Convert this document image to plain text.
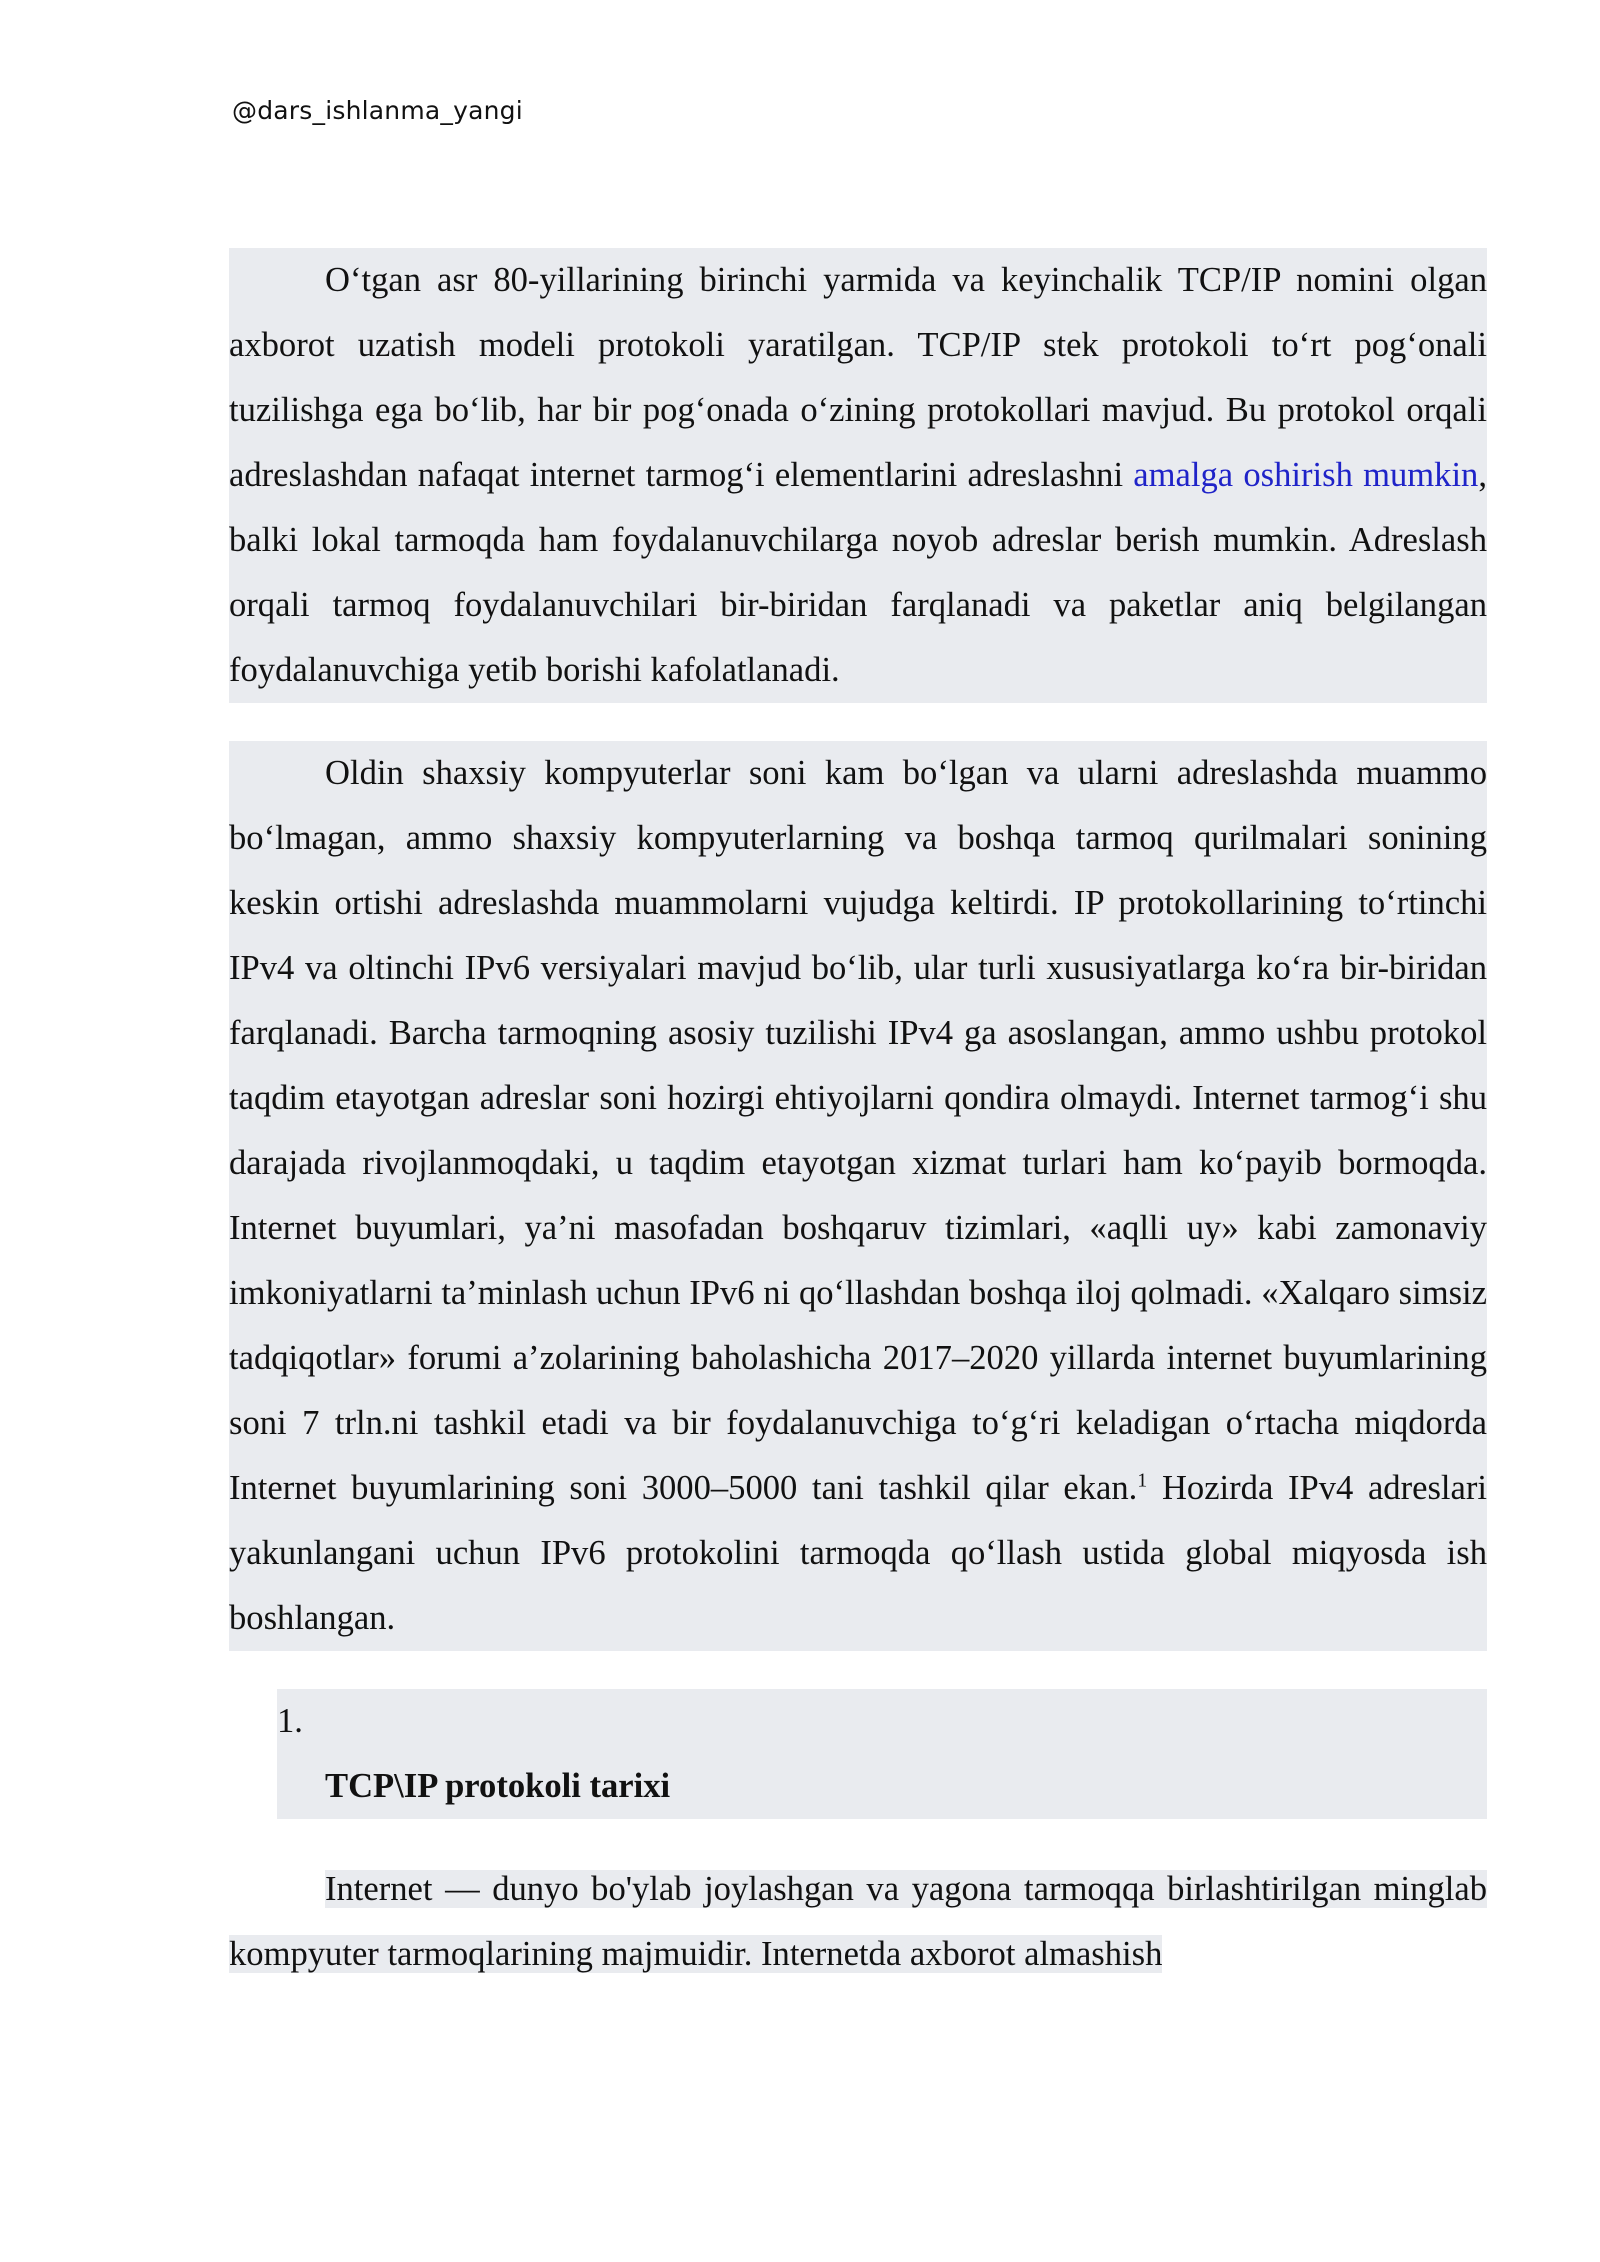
@dars_ishlanma_yangi

O‘tgan asr 80-yillarining birinchi yarmida va keyinchalik TCP/IP nomini olgan axborot uzatish modeli protokoli yaratilgan. TCP/IP stek protokoli to‘rt pog‘onali tuzilishga ega bo‘lib, har bir pog‘onada o‘zining protokollari mavjud. Bu protokol orqali adreslashdan nafaqat internet tarmog‘i elementlarini adreslashni amalga oshirish mumkin, balki lokal tarmoqda ham foydalanuvchilarga noyob adreslar berish mumkin. Adreslash orqali tarmoq foydalanuvchilari bir-biridan farqlanadi va paketlar aniq belgilangan foydalanuvchiga yetib borishi kafolatlanadi.

Oldin shaxsiy kompyuterlar soni kam bo‘lgan va ularni adreslashda muammo bo‘lmagan, ammo shaxsiy kompyuterlarning va boshqa tarmoq qurilmalari sonining keskin ortishi adreslashda muammolarni vujudga keltirdi. IP protokollarining to‘rtinchi IPv4 va oltinchi IPv6 versiyalari mavjud bo‘lib, ular turli xususiyatlarga ko‘ra bir-biridan farqlanadi. Barcha tarmoqning asosiy tuzilishi IPv4 ga asoslangan, ammo ushbu protokol taqdim etayotgan adreslar soni hozirgi ehtiyojlarni qondira olmaydi. Internet tarmog‘i shu darajada rivojlanmoqdaki, u taqdim etayotgan xizmat turlari ham ko‘payib bormoqda. Internet buyumlari, ya’ni masofadan boshqaruv tizimlari, «aqlli uy» kabi zamonaviy imkoniyatlarni ta’minlash uchun IPv6 ni qo‘llashdan boshqa iloj qolmadi. «Xalqaro simsiz tadqiqotlar» forumi a’zolarining baholashicha 2017–2020 yillarda internet buyumlarining soni 7 trln.ni tashkil etadi va bir foydalanuvchiga to‘g‘ri keladigan o‘rtacha miqdorda Internet buyumlarining soni 3000–5000 tani tashkil qilar ekan.$^1$ Hozirda IPv4 adreslari yakunlangani uchun IPv6 protokolini tarmoqda qo‘llash ustida global miqyosda ish boshlangan.

1.
TCP\IP protokoli tarixi

Internet — dunyo bo'ylab joylashgan va yagona tarmoqqa birlashtirilgan minglab kompyuter tarmoqlarining majmuidir. Internetda axborot almashish
